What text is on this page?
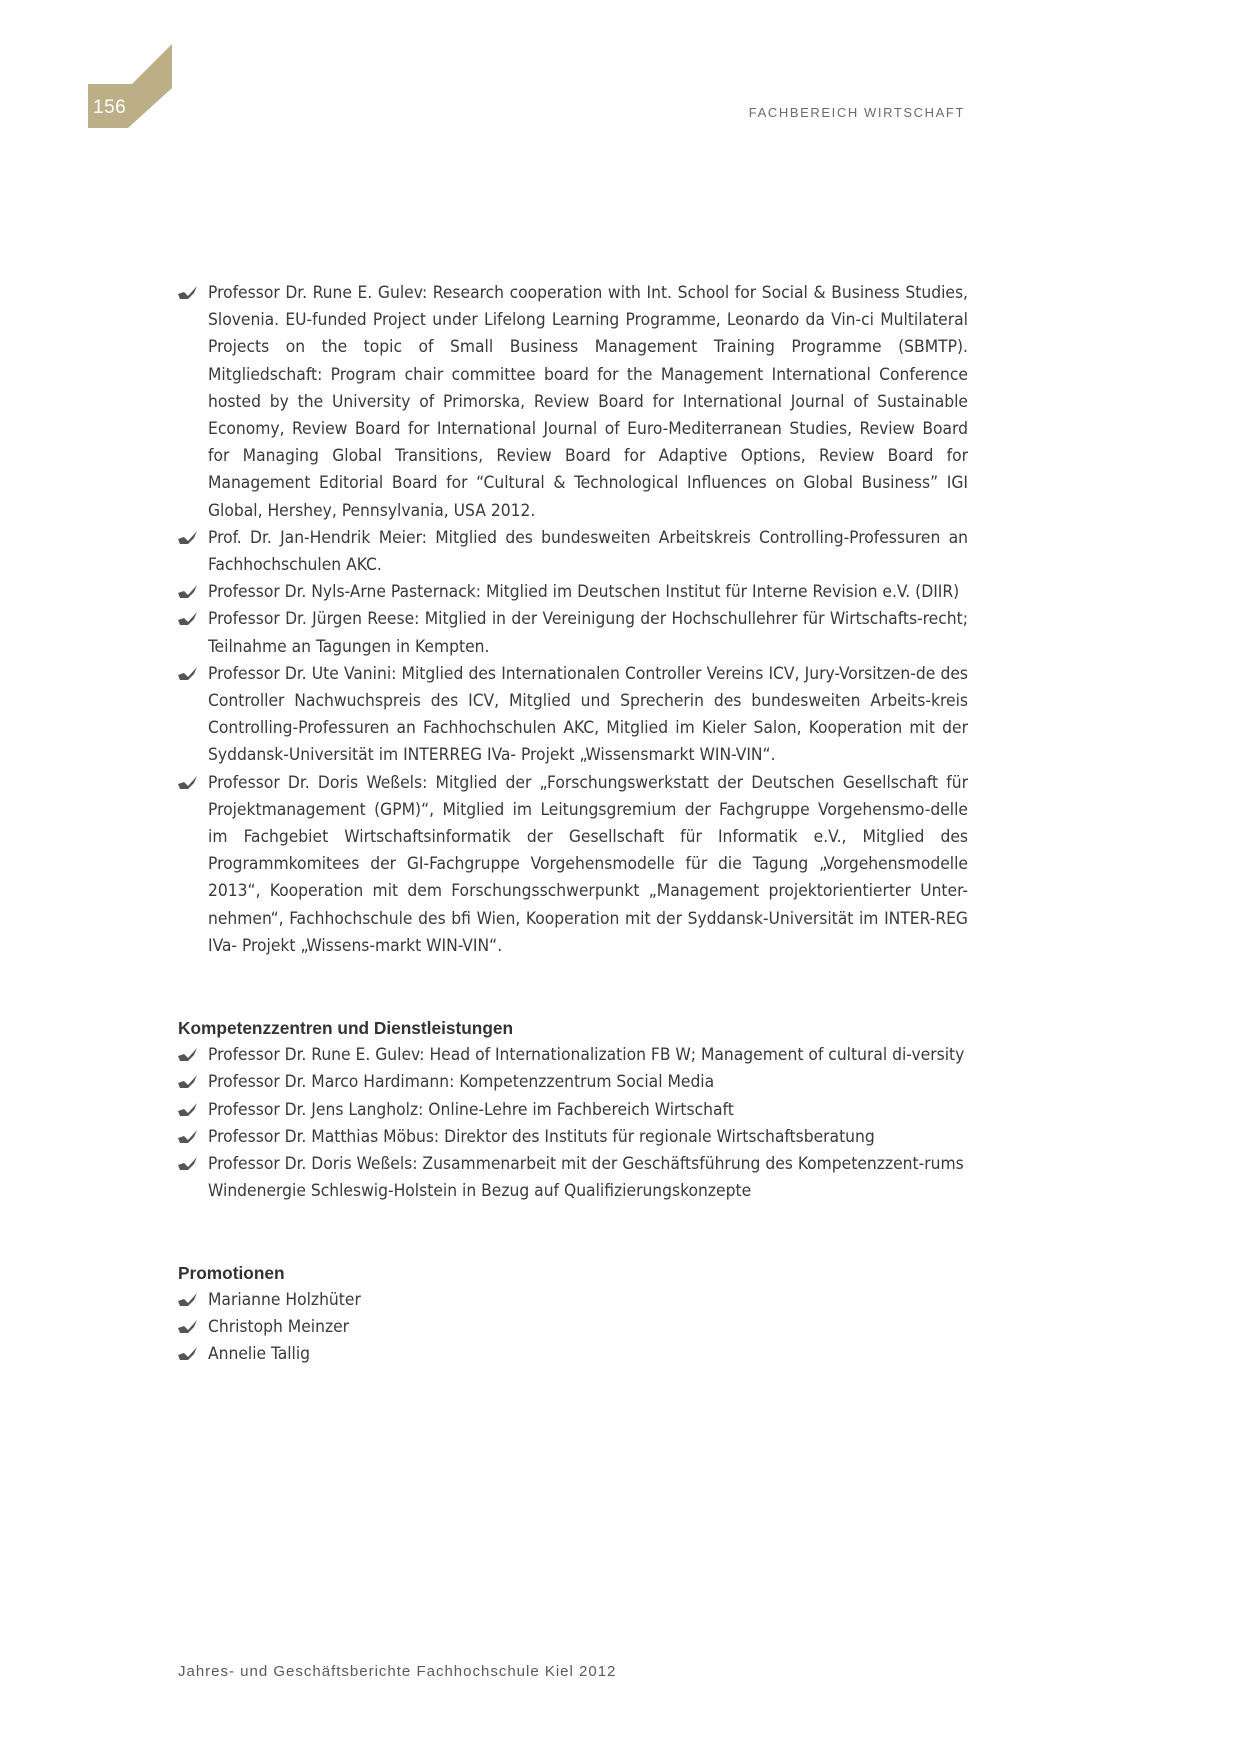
156	FACHBEREICH WIRTSCHAFT
Professor Dr. Rune E. Gulev: Research cooperation with Int. School for Social & Business Studies, Slovenia. EU-funded Project under Lifelong Learning Programme, Leonardo da Vin-ci Multilateral Projects on the topic of Small Business Management Training Programme (SBMTP). Mitgliedschaft: Program chair committee board for the Management International Conference hosted by the University of Primorska, Review Board for International Journal of Sustainable Economy, Review Board for International Journal of Euro-Mediterranean Studies, Review Board for Managing Global Transitions, Review Board for Adaptive Options, Review Board for Management Editorial Board for “Cultural & Technological Influences on Global Business” IGI Global, Hershey, Pennsylvania, USA 2012.
Prof. Dr. Jan-Hendrik Meier: Mitglied des bundesweiten Arbeitskreis Controlling-Professuren an Fachhochschulen AKC.
Professor Dr. Nyls-Arne Pasternack: Mitglied im Deutschen Institut für Interne Revision e.V. (DIIR)
Professor Dr. Jürgen Reese: Mitglied in der Vereinigung der Hochschullehrer für Wirtschafts-recht; Teilnahme an Tagungen in Kempten.
Professor Dr. Ute Vanini: Mitglied des Internationalen Controller Vereins ICV, Jury-Vorsitzen-de des Controller Nachwuchspreis des ICV, Mitglied und Sprecherin des bundesweiten Arbeits-kreis Controlling-Professuren an Fachhochschulen AKC, Mitglied im Kieler Salon, Kooperation mit der Syddansk-Universität im INTERREG IVa- Projekt „Wissensmarkt WIN-VIN“.
Professor Dr. Doris Weßels: Mitglied der „Forschungswerkstatt der Deutschen Gesellschaft für Projektmanagement (GPM)“, Mitglied im Leitungsgremium der Fachgruppe Vorgehensmo-delle im Fachgebiet Wirtschaftsinformatik der Gesellschaft für Informatik e.V., Mitglied des Programmkomitees der GI-Fachgruppe Vorgehensmodelle für die Tagung „Vorgehensmodelle 2013“, Kooperation mit dem Forschungsschwerpunkt „Management projektorientierter Unter-nehmen“, Fachhochschule des bfi Wien, Kooperation mit der Syddansk-Universität im INTER-REG IVa- Projekt „Wissens-markt WIN-VIN“.
Kompetenzzentren und Dienstleistungen
Professor Dr. Rune E. Gulev: Head of Internationalization FB W; Management of cultural di-versity
Professor Dr. Marco Hardimann: Kompetenzzentrum Social Media
Professor Dr. Jens Langholz: Online-Lehre im Fachbereich Wirtschaft
Professor Dr. Matthias Möbus: Direktor des Instituts für regionale Wirtschaftsberatung
Professor Dr. Doris Weßels: Zusammenarbeit mit der Geschäftsführung des Kompetenzzent-rums Windenergie Schleswig-Holstein in Bezug auf Qualifizierungskonzepte
Promotionen
Marianne Holzhüter
Christoph Meinzer
Annelie Tallig
Jahres- und Geschäftsberichte Fachhochschule Kiel 2012
